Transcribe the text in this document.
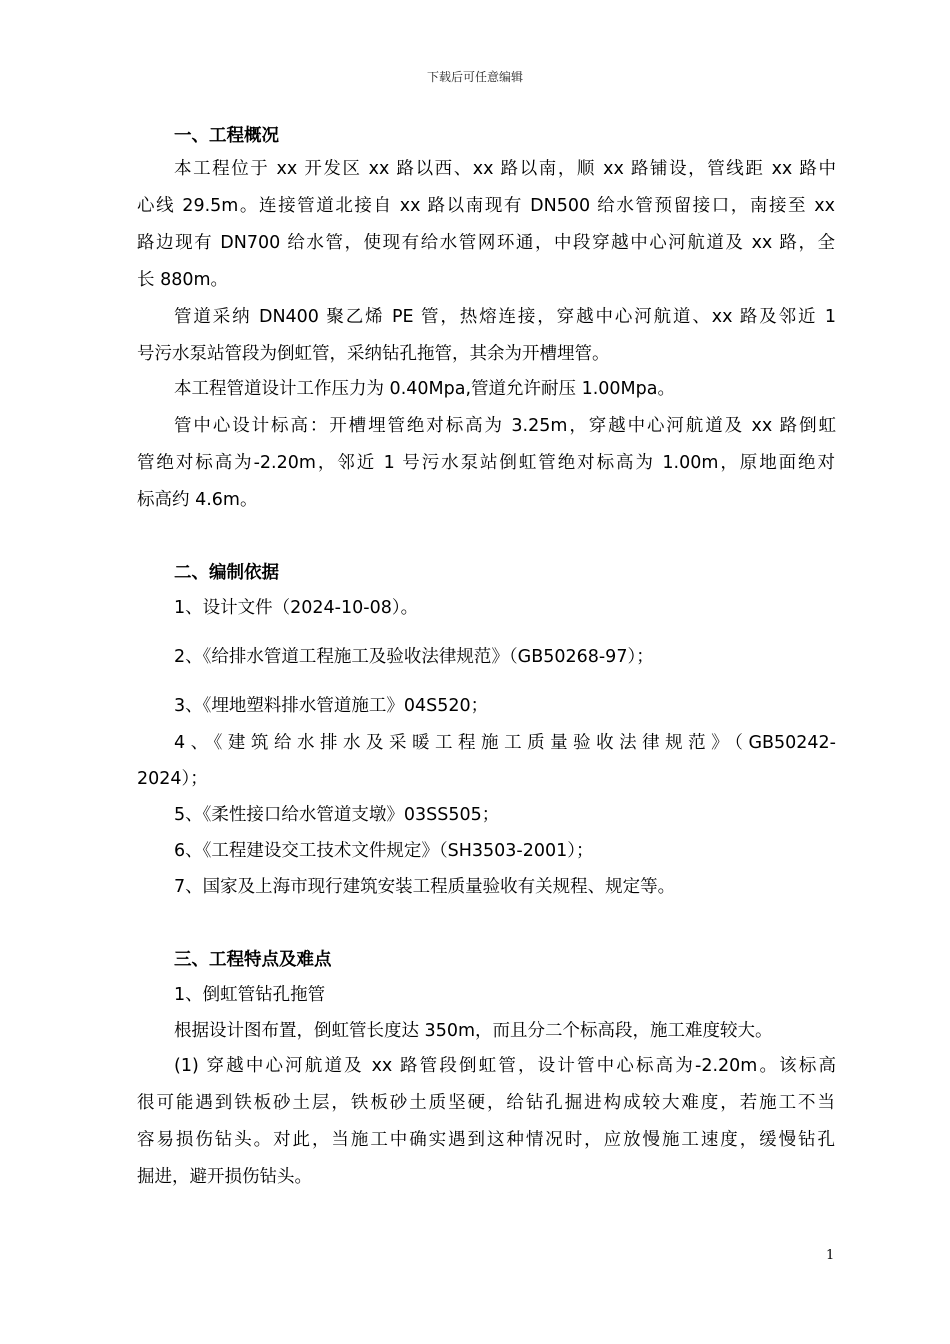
下载后可任意编辑
一、工程概况
本工程位于 xx 开发区 xx 路以西、xx 路以南，顺 xx 路铺设，管线距 xx 路中
心线 29.5m。连接管道北接自 xx 路以南现有 DN500 给水管预留接口，南接至 xx
路边现有 DN700 给水管，使现有给水管网环通，中段穿越中心河航道及 xx 路，全
长 880m。
管道采纳 DN400 聚乙烯 PE 管，热熔连接，穿越中心河航道、xx 路及邻近 1
号污水泵站管段为倒虹管，采纳钻孔拖管，其余为开槽埋管。
本工程管道设计工作压力为 0.40Mpa,管道允许耐压 1.00Mpa。
管中心设计标高：开槽埋管绝对标高为 3.25m，穿越中心河航道及 xx 路倒虹
管绝对标高为-2.20m，邻近 1 号污水泵站倒虹管绝对标高为 1.00m，原地面绝对
标高约 4.6m。
二、编制依据
1、设计文件（2024-10-08）。
2、《给排水管道工程施工及验收法律规范》（GB50268-97）；
3、《埋地塑料排水管道施工》04S520；
4、《建筑给水排水及采暖工程施工质量验收法律规范》（GB50242-
2024）；
5、《柔性接口给水管道支墩》03SS505；
6、《工程建设交工技术文件规定》（SH3503-2001）；
7、国家及上海市现行建筑安装工程质量验收有关规程、规定等。
三、工程特点及难点
1、倒虹管钻孔拖管
根据设计图布置，倒虹管长度达 350m，而且分二个标高段，施工难度较大。
(1) 穿越中心河航道及 xx 路管段倒虹管，设计管中心标高为-2.20m。该标高
很可能遇到铁板砂土层，铁板砂土质坚硬，给钻孔掘进构成较大难度，若施工不当
容易损伤钻头。对此，当施工中确实遇到这种情况时，应放慢施工速度，缓慢钻孔
掘进，避开损伤钻头。
1
